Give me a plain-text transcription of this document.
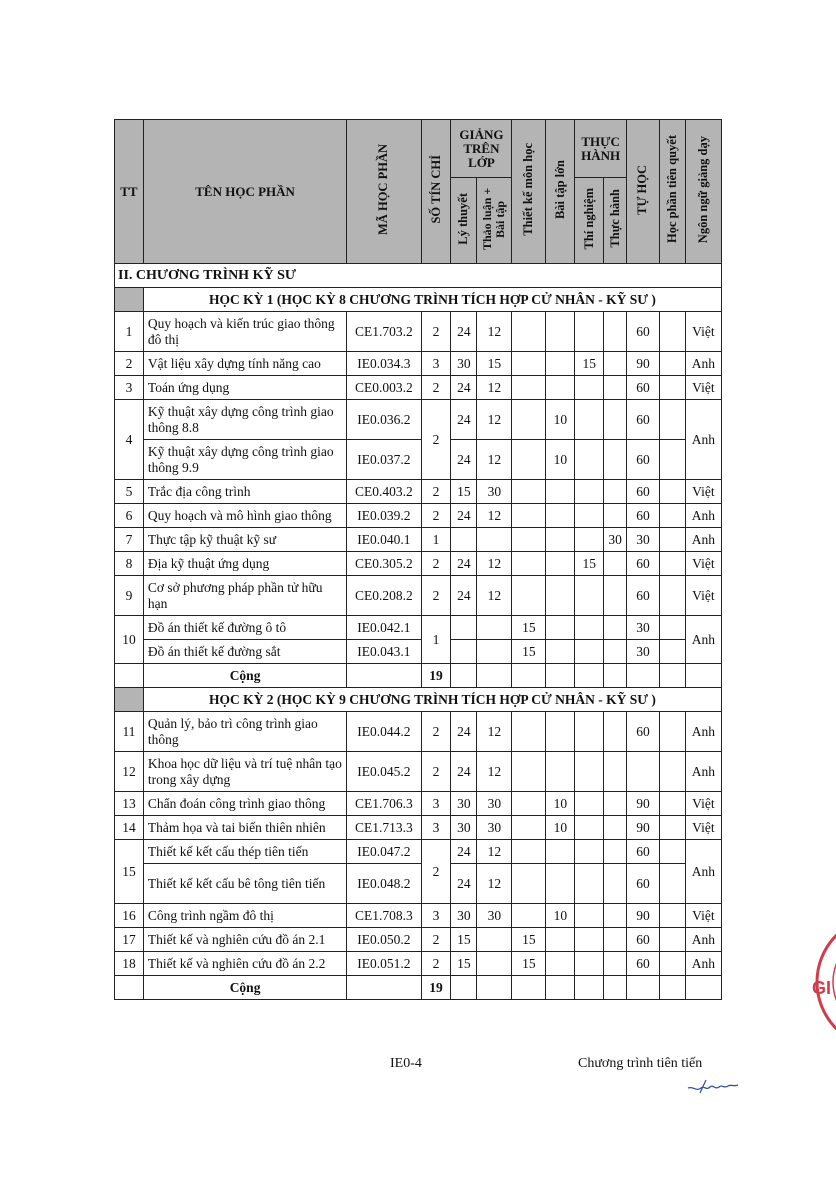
TT	TÊN HỌC PHẦN	MÃ HỌC PHẦN	SỐ TÍN CHỈ	GIẢNG TRÊN LỚP		Thiết kế môn học	Bài tập lớn	THỰC HÀNH		TỰ HỌC	Học phần tiên quyết	Ngôn ngữ giảng dạy
				Lý thuyết	Thảo luận + Bài tập			Thí nghiệm	Thực hành			
II. CHƯƠNG TRÌNH KỸ SƯ												
	HỌC KỲ 1 (HỌC KỲ 8 CHƯƠNG TRÌNH TÍCH HỢP CỬ NHÂN - KỸ SƯ )											
1	Quy hoạch và kiến trúc giao thông đô thị	CE1.703.2	2	24	12					60		Việt
2	Vật liệu xây dựng tính năng cao	IE0.034.3	3	30	15			15		90		Anh
3	Toán ứng dụng	CE0.003.2	2	24	12					60		Việt
4	Kỹ thuật xây dựng công trình giao thông 8.8	IE0.036.2	2	24	12		10			60		Anh
	Kỹ thuật xây dựng công trình giao thông 9.9	IE0.037.2		24	12		10			60		
5	Trắc địa công trình	CE0.403.2	2	15	30					60		Việt
6	Quy hoạch và mô hình giao thông	IE0.039.2	2	24	12					60		Anh
7	Thực tập kỹ thuật kỹ sư	IE0.040.1	1						30	30		Anh
8	Địa kỹ thuật ứng dụng	CE0.305.2	2	24	12			15		60		Việt
9	Cơ sở phương pháp phần tử hữu hạn	CE0.208.2	2	24	12					60		Việt
10	Đồ án thiết kế đường ô tô	IE0.042.1	1			15				30		Anh
	Đồ án thiết kế đường sắt	IE0.043.1				15				30		
	Cộng		19									
	HỌC KỲ 2 (HỌC KỲ 9 CHƯƠNG TRÌNH TÍCH HỢP CỬ NHÂN - KỸ SƯ )											
11	Quản lý, bảo trì công trình giao thông	IE0.044.2	2	24	12					60		Anh
12	Khoa học dữ liệu và trí tuệ nhân tạo trong xây dựng	IE0.045.2	2	24	12							Anh
13	Chẩn đoán công trình giao thông	CE1.706.3	3	30	30		10			90		Việt
14	Thảm họa và tai biến thiên nhiên	CE1.713.3	3	30	30		10			90		Việt
15	Thiết kế kết cấu thép tiên tiến	IE0.047.2	2	24	12					60		Anh
	Thiết kế kết cấu bê tông tiên tiến	IE0.048.2		24	12					60		
16	Công trình ngầm đô thị	CE1.708.3	3	30	30		10			90		Việt
17	Thiết kế và nghiên cứu đồ án 2.1	IE0.050.2	2	15		15				60		Anh
18	Thiết kế và nghiên cứu đồ án 2.2	IE0.051.2	2	15		15				60		Anh
	Cộng		19									
IE0-4	Chương trình tiên tiến
GI
